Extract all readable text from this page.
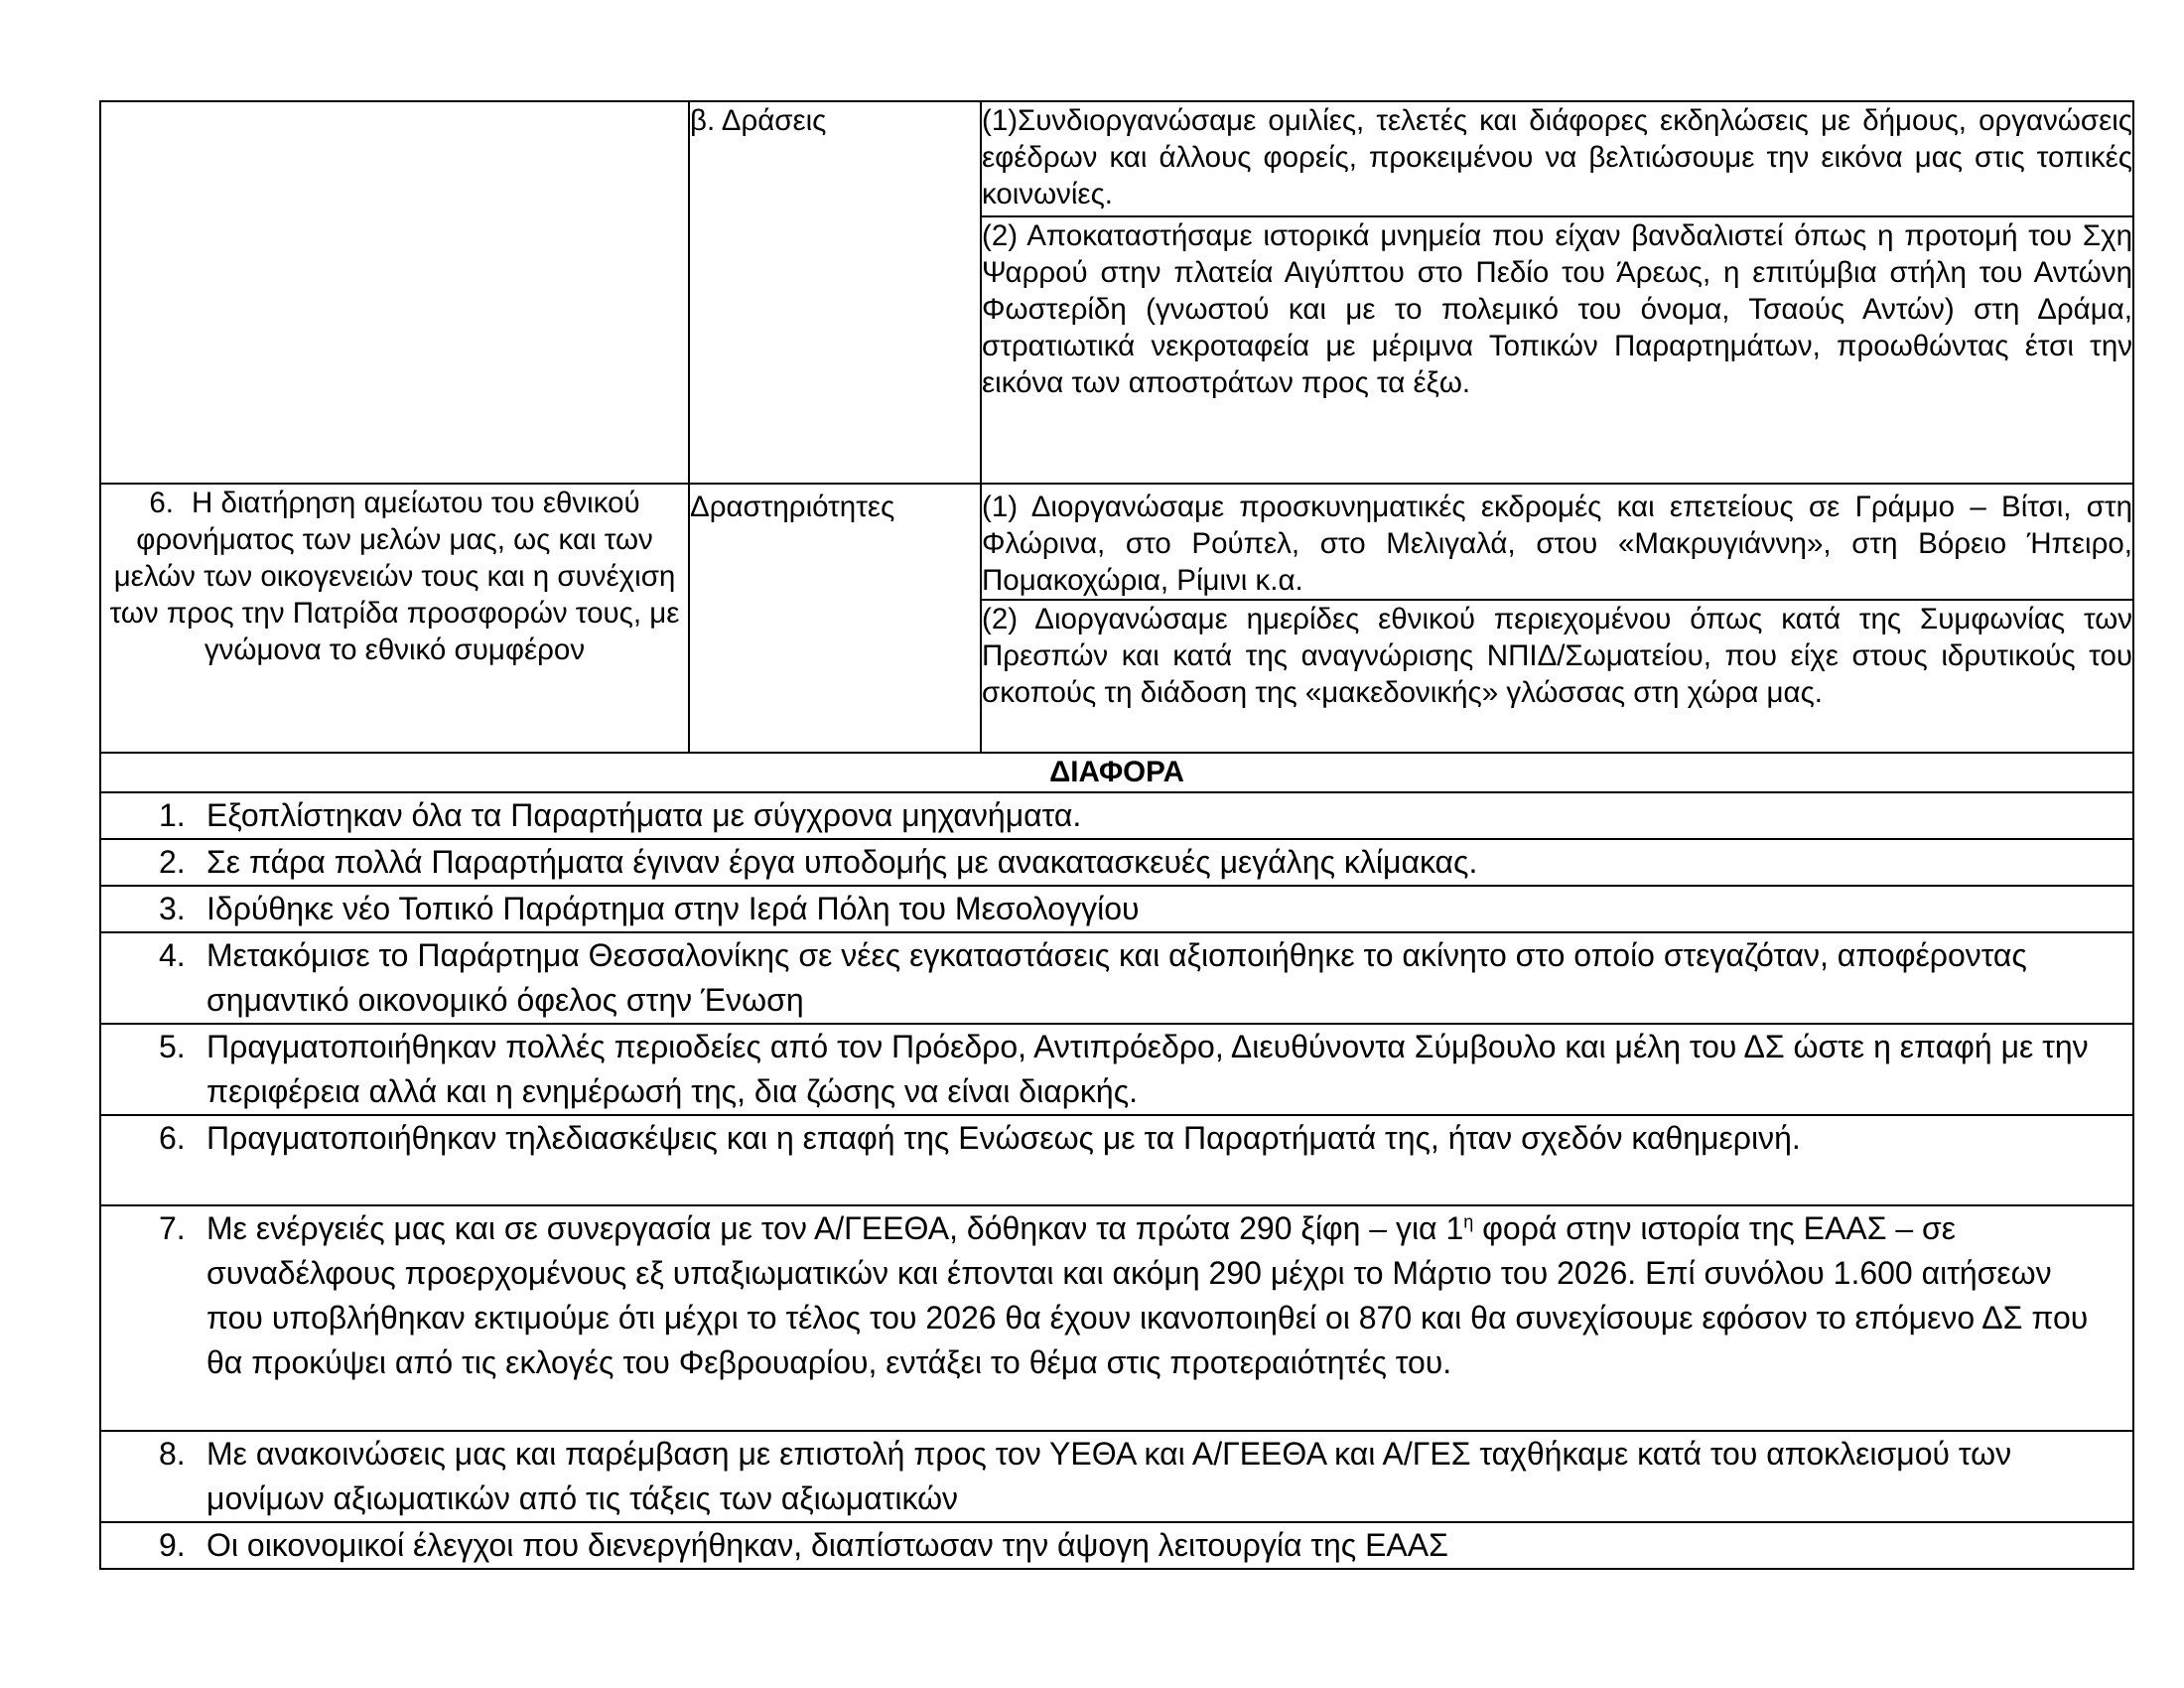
	β. Δράσεις		(1)Συνδιοργανώσαμε ομιλίες, τελετές και διάφορες εκδηλώσεις με δήμους, οργανώσεις εφέδρων και άλλους φορείς, προκειμένου να βελτιώσουμε την εικόνα μας στις τοπικές κοινωνίες.
(2) Αποκαταστήσαμε ιστορικά μνημεία που είχαν βανδαλιστεί όπως η προτομή του Σχη Ψαρρού στην πλατεία Αιγύπτου στο Πεδίο του Άρεως, η επιτύμβια στήλη του Αντώνη Φωστερίδη (γνωστού και με το πολεμικό του όνομα, Τσαούς Αντών) στη Δράμα, στρατιωτικά νεκροταφεία με μέριμνα Τοπικών Παραρτημάτων, προωθώντας έτσι την εικόνα των αποστράτων προς τα έξω.

6. Η διατήρηση αμείωτου του εθνικού φρονήματος των μελών μας, ως και των μελών των οικογενειών τους και η συνέχιση των προς την Πατρίδα προσφορών τους, με γνώμονα το εθνικό συμφέρον	Δραστηριότητες		(1) Διοργανώσαμε προσκυνηματικές εκδρομές και επετείους σε Γράμμο – Βίτσι, στη Φλώρινα, στο Ρούπελ, στο Μελιγαλά, στου «Μακρυγιάννη», στη Βόρειο Ήπειρο, Πομακοχώρια, Ρίμινι κ.α.
(2) Διοργανώσαμε ημερίδες εθνικού περιεχομένου όπως κατά της Συμφωνίας των Πρεσπών και κατά της αναγνώρισης ΝΠΙΔ/Σωματείου, που είχε στους ιδρυτικούς του σκοπούς τη διάδοση της «μακεδονικής» γλώσσας στη χώρα μας.

ΔΙΑΦΟΡΑ

1. Εξοπλίστηκαν όλα τα Παραρτήματα με σύγχρονα μηχανήματα.

2. Σε πάρα πολλά Παραρτήματα έγιναν έργα υποδομής με ανακατασκευές μεγάλης κλίμακας.

3. Ιδρύθηκε νέο Τοπικό Παράρτημα στην Ιερά Πόλη του Μεσολογγίου

4. Μετακόμισε το Παράρτημα Θεσσαλονίκης σε νέες εγκαταστάσεις και αξιοποιήθηκε το ακίνητο στο οποίο στεγαζόταν, αποφέροντας σημαντικό οικονομικό όφελος στην Ένωση

5. Πραγματοποιήθηκαν πολλές περιοδείες από τον Πρόεδρο, Αντιπρόεδρο, Διευθύνοντα Σύμβουλο και μέλη του ΔΣ ώστε η επαφή με την περιφέρεια αλλά και η ενημέρωσή της, δια ζώσης να είναι διαρκής.

6. Πραγματοποιήθηκαν τηλεδιασκέψεις και η επαφή της Ενώσεως με τα Παραρτήματά της, ήταν σχεδόν καθημερινή.

7. Με ενέργειές μας και σε συνεργασία με τον Α/ΓΕΕΘΑ, δόθηκαν τα πρώτα 290 ξίφη – για $1^\eta$ φορά στην ιστορία της ΕΑΑΣ – σε συναδέλφους προερχομένους εξ υπαξιωματικών και έπονται και ακόμη 290 μέχρι το Μάρτιο του 2026. Επί συνόλου 1.600 αιτήσεων που υποβλήθηκαν εκτιμούμε ότι μέχρι το τέλος του 2026 θα έχουν ικανοποιηθεί οι 870 και θα συνεχίσουμε εφόσον το επόμενο ΔΣ που θα προκύψει από τις εκλογές του Φεβρουαρίου, εντάξει το θέμα στις προτεραιότητές του.

8. Με ανακοινώσεις μας και παρέμβαση με επιστολή προς τον ΥΕΘΑ και Α/ΓΕΕΘΑ και Α/ΓΕΣ ταχθήκαμε κατά του αποκλεισμού των μονίμων αξιωματικών από τις τάξεις των αξιωματικών

9. Οι οικονομικοί έλεγχοι που διενεργήθηκαν, διαπίστωσαν την άψογη λειτουργία της ΕΑΑΣ
